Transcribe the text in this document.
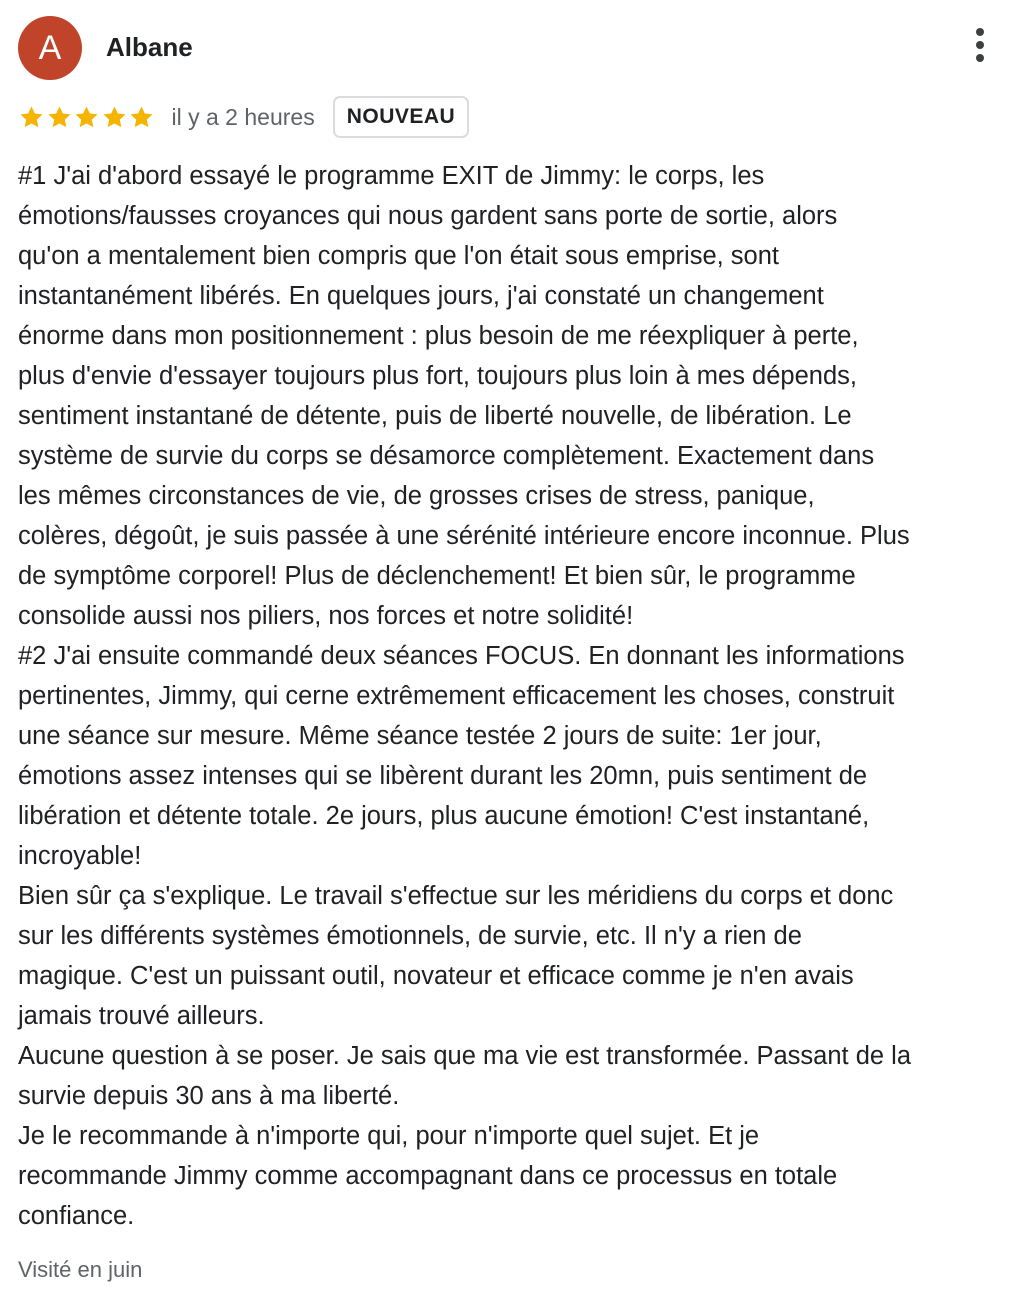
A	Albane
il y a 2 heures	NOUVEAU

#1 J'ai d'abord essayé le programme EXIT de Jimmy: le corps, les

émotions/fausses croyances qui nous gardent sans porte de sortie, alors

qu'on a mentalement bien compris que l'on était sous emprise, sont

instantanément libérés. En quelques jours, j'ai constaté un changement

énorme dans mon positionnement : plus besoin de me réexpliquer à perte,

plus d'envie d'essayer toujours plus fort, toujours plus loin à mes dépends,

sentiment instantané de détente, puis de liberté nouvelle, de libération. Le

système de survie du corps se désamorce complètement. Exactement dans

les mêmes circonstances de vie, de grosses crises de stress, panique,

colères, dégoût, je suis passée à une sérénité intérieure encore inconnue. Plus

de symptôme corporel! Plus de déclenchement! Et bien sûr, le programme

consolide aussi nos piliers, nos forces et notre solidité!

#2 J'ai ensuite commandé deux séances FOCUS. En donnant les informations

pertinentes, Jimmy, qui cerne extrêmement efficacement les choses, construit

une séance sur mesure. Même séance testée 2 jours de suite: 1er jour,

émotions assez intenses qui se libèrent durant les 20mn, puis sentiment de

libération et détente totale. 2e jours, plus aucune émotion! C'est instantané,

incroyable!

Bien sûr ça s'explique. Le travail s'effectue sur les méridiens du corps et donc

sur les différents systèmes émotionnels, de survie, etc. Il n'y a rien de

magique. C'est un puissant outil, novateur et efficace comme je n'en avais

jamais trouvé ailleurs.

Aucune question à se poser. Je sais que ma vie est transformée. Passant de la

survie depuis 30 ans à ma liberté.

Je le recommande à n'importe qui, pour n'importe quel sujet. Et je

recommande Jimmy comme accompagnant dans ce processus en totale

confiance.

Visité en juin
